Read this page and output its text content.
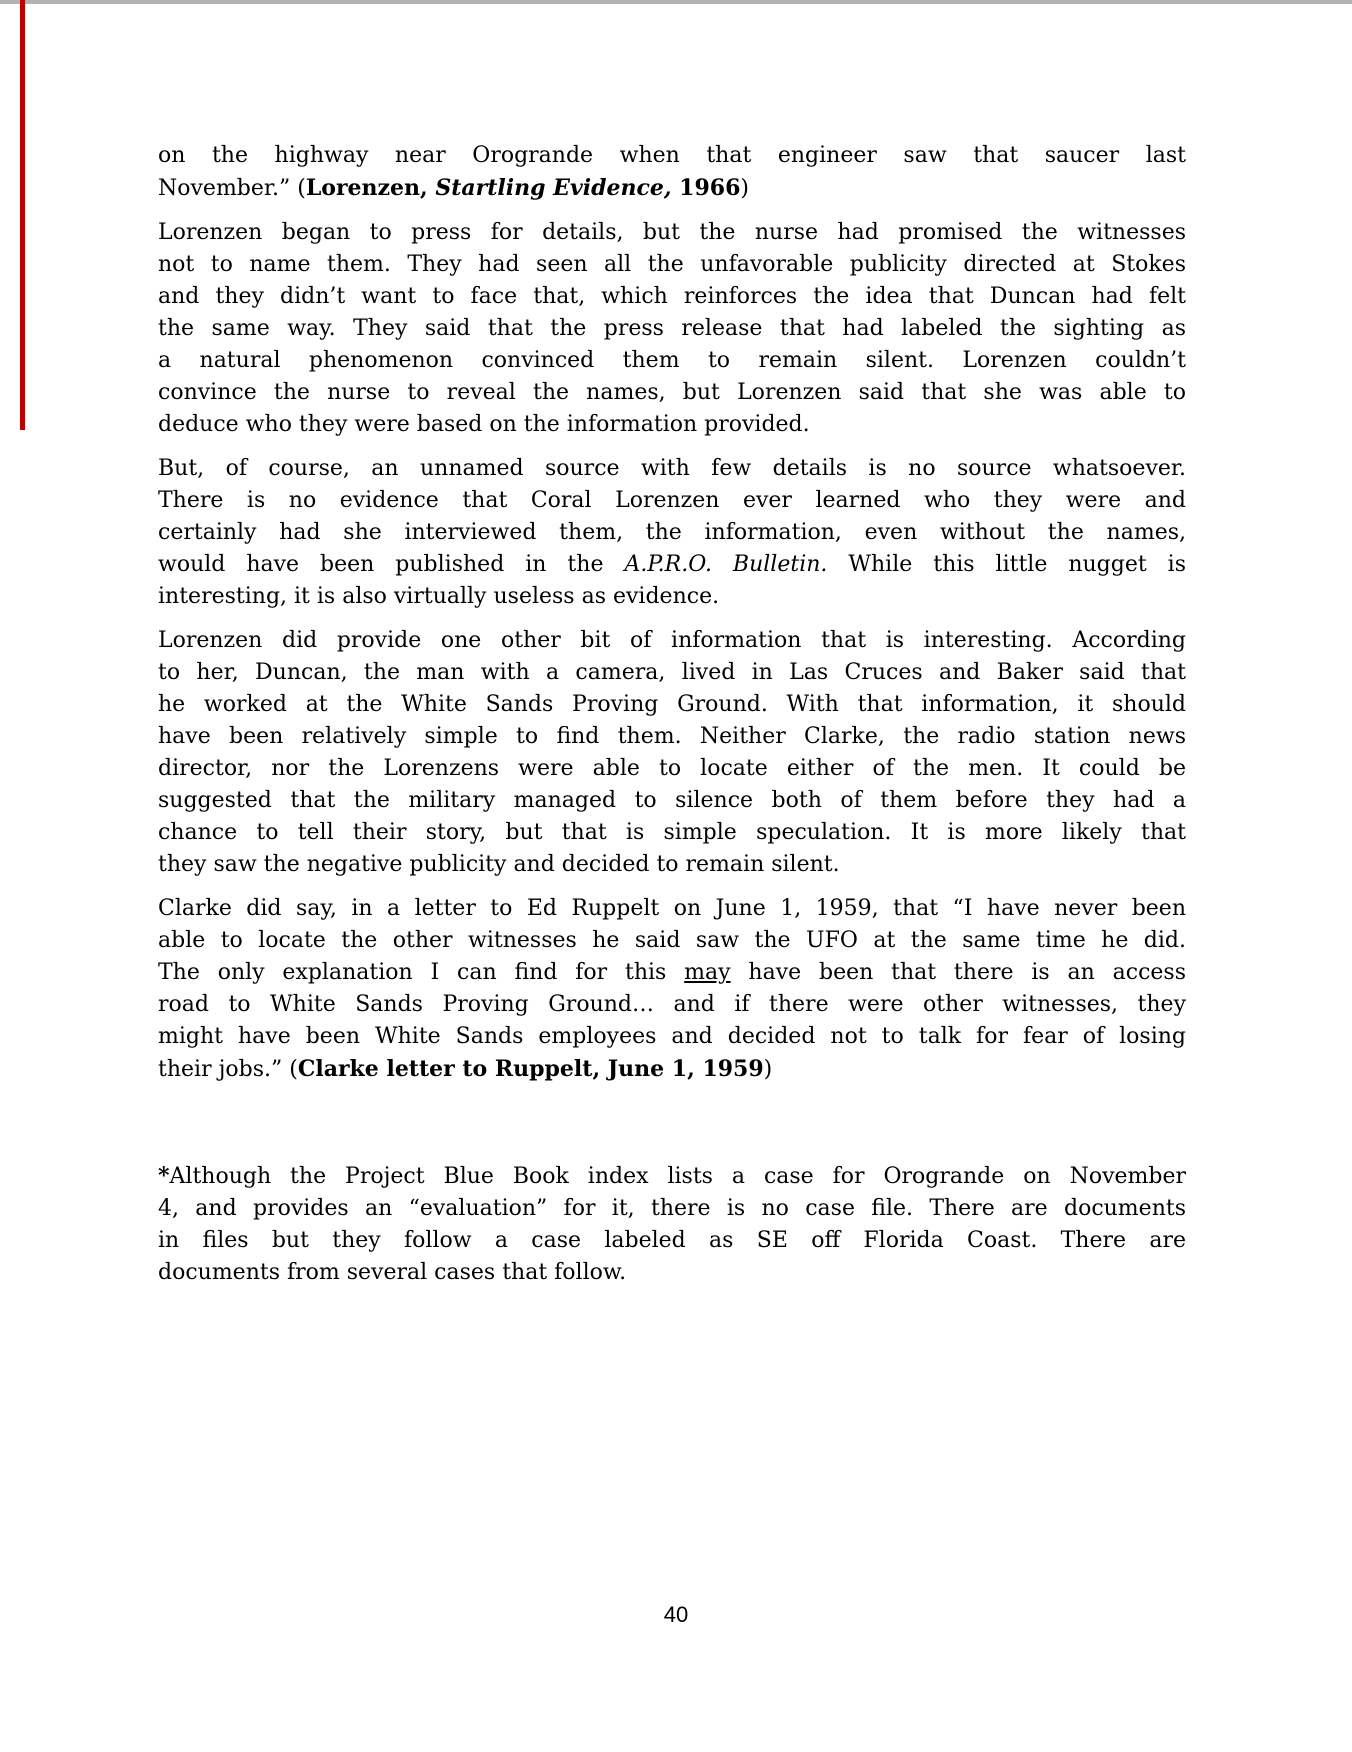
on the highway near Orogrande when that engineer saw that saucer last
November.” (Lorenzen, Startling Evidence, 1966)
Lorenzen began to press for details, but the nurse had promised the witnesses
not to name them. They had seen all the unfavorable publicity directed at Stokes
and they didn’t want to face that, which reinforces the idea that Duncan had felt
the same way. They said that the press release that had labeled the sighting as
a natural phenomenon convinced them to remain silent. Lorenzen couldn’t
convince the nurse to reveal the names, but Lorenzen said that she was able to
deduce who they were based on the information provided.
But, of course, an unnamed source with few details is no source whatsoever.
There is no evidence that Coral Lorenzen ever learned who they were and
certainly had she interviewed them, the information, even without the names,
would have been published in the A.P.R.O. Bulletin. While this little nugget is
interesting, it is also virtually useless as evidence.
Lorenzen did provide one other bit of information that is interesting. According
to her, Duncan, the man with a camera, lived in Las Cruces and Baker said that
he worked at the White Sands Proving Ground. With that information, it should
have been relatively simple to find them. Neither Clarke, the radio station news
director, nor the Lorenzens were able to locate either of the men. It could be
suggested that the military managed to silence both of them before they had a
chance to tell their story, but that is simple speculation. It is more likely that
they saw the negative publicity and decided to remain silent.
Clarke did say, in a letter to Ed Ruppelt on June 1, 1959, that “I have never been
able to locate the other witnesses he said saw the UFO at the same time he did.
The only explanation I can find for this may have been that there is an access
road to White Sands Proving Ground… and if there were other witnesses, they
might have been White Sands employees and decided not to talk for fear of losing
their jobs.” (Clarke letter to Ruppelt, June 1, 1959)
*Although the Project Blue Book index lists a case for Orogrande on November
4, and provides an “evaluation” for it, there is no case file. There are documents
in files but they follow a case labeled as SE off Florida Coast. There are
documents from several cases that follow.
40
